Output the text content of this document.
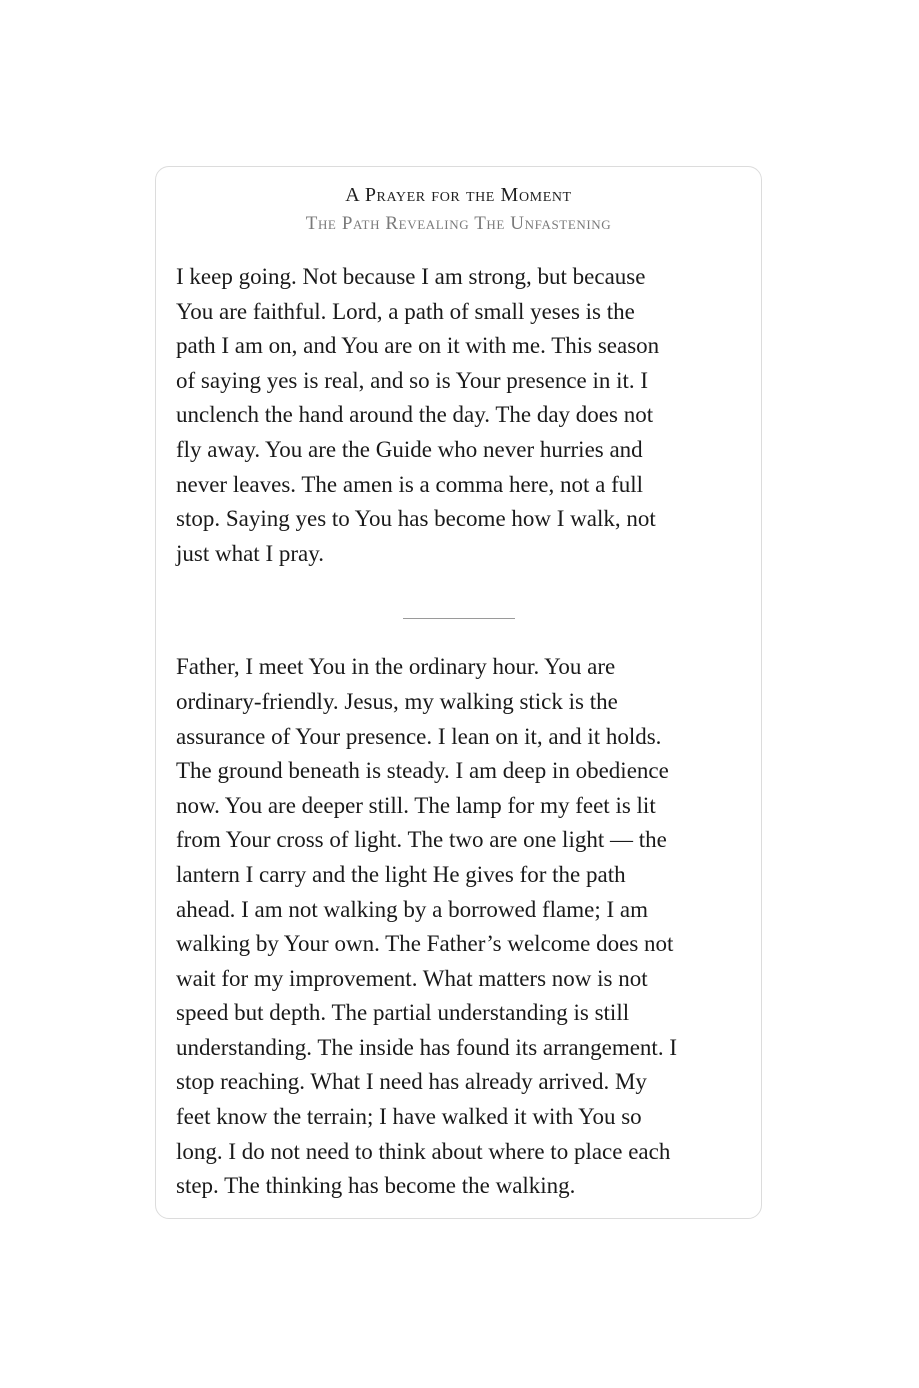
A Prayer for the Moment
The Path Revealing The Unfastening
I keep going. Not because I am strong, but because
You are faithful. Lord, a path of small yeses is the
path I am on, and You are on it with me. This season
of saying yes is real, and so is Your presence in it. I
unclench the hand around the day. The day does not
fly away. You are the Guide who never hurries and
never leaves. The amen is a comma here, not a full
stop. Saying yes to You has become how I walk, not
just what I pray.
Father, I meet You in the ordinary hour. You are
ordinary-friendly. Jesus, my walking stick is the
assurance of Your presence. I lean on it, and it holds.
The ground beneath is steady. I am deep in obedience
now. You are deeper still. The lamp for my feet is lit
from Your cross of light. The two are one light — the
lantern I carry and the light He gives for the path
ahead. I am not walking by a borrowed flame; I am
walking by Your own. The Father’s welcome does not
wait for my improvement. What matters now is not
speed but depth. The partial understanding is still
understanding. The inside has found its arrangement. I
stop reaching. What I need has already arrived. My
feet know the terrain; I have walked it with You so
long. I do not need to think about where to place each
step. The thinking has become the walking.
